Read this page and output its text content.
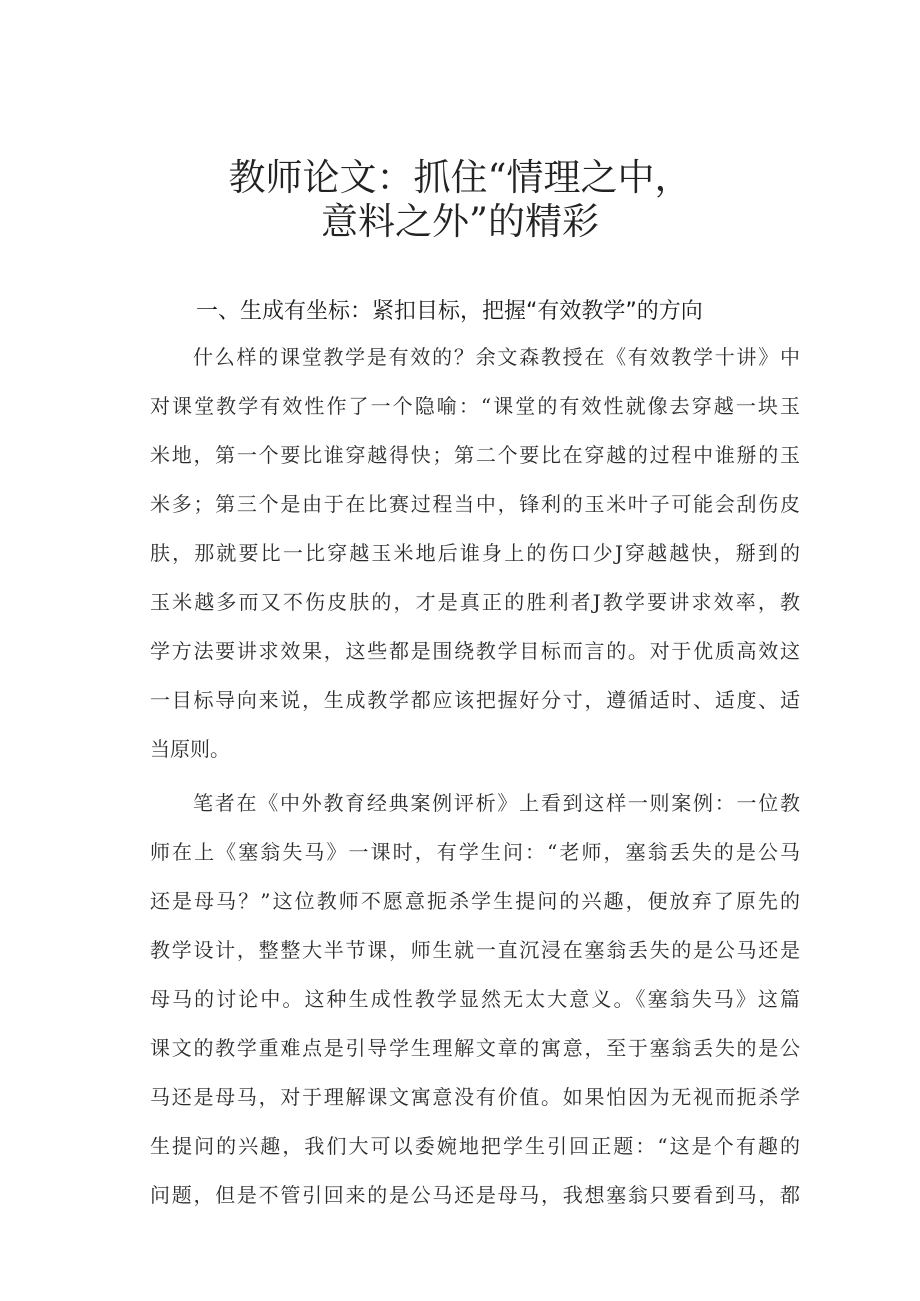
教师论文：抓住“情理之中，
意料之外”的精彩
一、生成有坐标：紧扣目标，把握“有效教学”的方向
什么样的课堂教学是有效的？余文森教授在《有效教学十讲》中
对课堂教学有效性作了一个隐喻：“课堂的有效性就像去穿越一块玉
米地，第一个要比谁穿越得快；第二个要比在穿越的过程中谁掰的玉
米多；第三个是由于在比赛过程当中，锋利的玉米叶子可能会刮伤皮
肤，那就要比一比穿越玉米地后谁身上的伤口少J穿越越快，掰到的
玉米越多而又不伤皮肤的，才是真正的胜利者J教学要讲求效率，教
学方法要讲求效果，这些都是围绕教学目标而言的。对于优质高效这
一目标导向来说，生成教学都应该把握好分寸，遵循适时、适度、适
当原则。
笔者在《中外教育经典案例评析》上看到这样一则案例：一位教
师在上《塞翁失马》一课时，有学生问：“老师，塞翁丢失的是公马
还是母马？”这位教师不愿意扼杀学生提问的兴趣，便放弃了原先的
教学设计，整整大半节课，师生就一直沉浸在塞翁丢失的是公马还是
母马的讨论中。这种生成性教学显然无太大意义。《塞翁失马》这篇
课文的教学重难点是引导学生理解文章的寓意，至于塞翁丢失的是公
马还是母马，对于理解课文寓意没有价值。如果怕因为无视而扼杀学
生提问的兴趣，我们大可以委婉地把学生引回正题：“这是个有趣的
问题，但是不管引回来的是公马还是母马，我想塞翁只要看到马，都
